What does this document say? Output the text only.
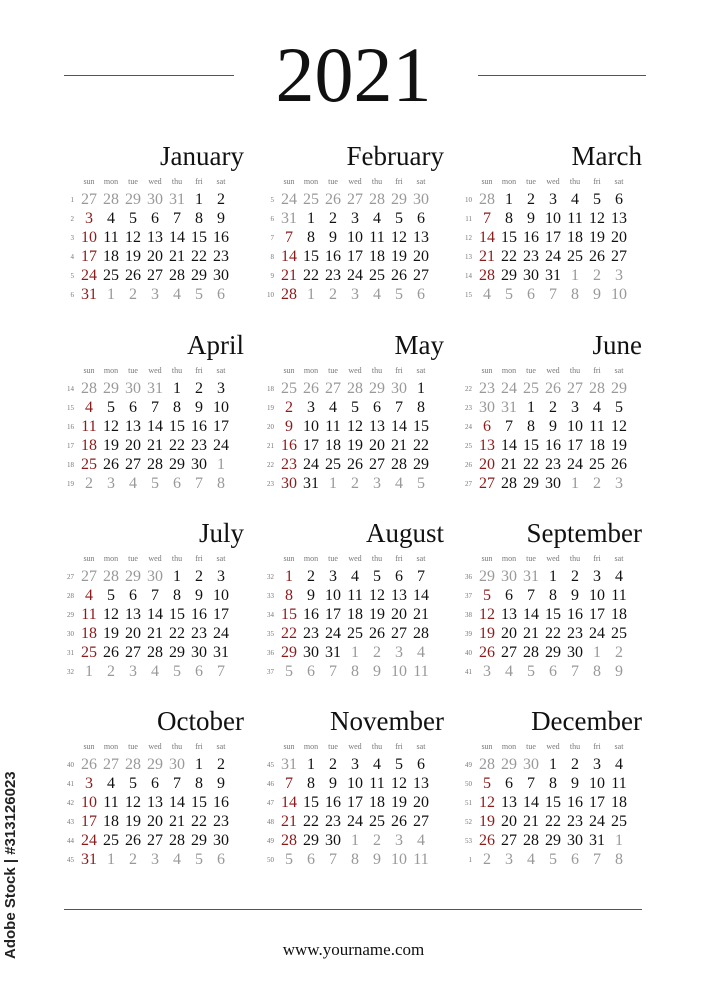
2021
January
sun	mon	tue	wed	thu	fri	sat
1 27 28 29 30 31 1 2
2 3 4 5 6 7 8 9
3 10 11 12 13 14 15 16
4 17 18 19 20 21 22 23
5 24 25 26 27 28 29 30
6 31 1 2 3 4 5 6
February
sun	mon	tue	wed	thu	fri	sat
5 24 25 26 27 28 29 30
6 31 1 2 3 4 5 6
7 7 8 9 10 11 12 13
8 14 15 16 17 18 19 20
9 21 22 23 24 25 26 27
10 28 1 2 3 4 5 6
March
sun	mon	tue	wed	thu	fri	sat
10 28 1 2 3 4 5 6
11 7 8 9 10 11 12 13
12 14 15 16 17 18 19 20
13 21 22 23 24 25 26 27
14 28 29 30 31 1 2 3
15 4 5 6 7 8 9 10
April
sun	mon	tue	wed	thu	fri	sat
14 28 29 30 31 1 2 3
15 4 5 6 7 8 9 10
16 11 12 13 14 15 16 17
17 18 19 20 21 22 23 24
18 25 26 27 28 29 30 1
19 2 3 4 5 6 7 8
May
sun	mon	tue	wed	thu	fri	sat
18 25 26 27 28 29 30 1
19 2 3 4 5 6 7 8
20 9 10 11 12 13 14 15
21 16 17 18 19 20 21 22
22 23 24 25 26 27 28 29
23 30 31 1 2 3 4 5
June
sun	mon	tue	wed	thu	fri	sat
22 23 24 25 26 27 28 29
23 30 31 1 2 3 4 5
24 6 7 8 9 10 11 12
25 13 14 15 16 17 18 19
26 20 21 22 23 24 25 26
27 27 28 29 30 1 2 3
July
sun	mon	tue	wed	thu	fri	sat
27 27 28 29 30 1 2 3
28 4 5 6 7 8 9 10
29 11 12 13 14 15 16 17
30 18 19 20 21 22 23 24
31 25 26 27 28 29 30 31
32 1 2 3 4 5 6 7
August
sun	mon	tue	wed	thu	fri	sat
32 1 2 3 4 5 6 7
33 8 9 10 11 12 13 14
34 15 16 17 18 19 20 21
35 22 23 24 25 26 27 28
36 29 30 31 1 2 3 4
37 5 6 7 8 9 10 11
September
sun	mon	tue	wed	thu	fri	sat
36 29 30 31 1 2 3 4
37 5 6 7 8 9 10 11
38 12 13 14 15 16 17 18
39 19 20 21 22 23 24 25
40 26 27 28 29 30 1 2
41 3 4 5 6 7 8 9
October
sun	mon	tue	wed	thu	fri	sat
40 26 27 28 29 30 1 2
41 3 4 5 6 7 8 9
42 10 11 12 13 14 15 16
43 17 18 19 20 21 22 23
44 24 25 26 27 28 29 30
45 31 1 2 3 4 5 6
November
sun	mon	tue	wed	thu	fri	sat
45 31 1 2 3 4 5 6
46 7 8 9 10 11 12 13
47 14 15 16 17 18 19 20
48 21 22 23 24 25 26 27
49 28 29 30 1 2 3 4
50 5 6 7 8 9 10 11
December
sun	mon	tue	wed	thu	fri	sat
49 28 29 30 1 2 3 4
50 5 6 7 8 9 10 11
51 12 13 14 15 16 17 18
52 19 20 21 22 23 24 25
53 26 27 28 29 30 31 1
1 2 3 4 5 6 7 8
www.yourname.com
Adobe Stock | #313126023
